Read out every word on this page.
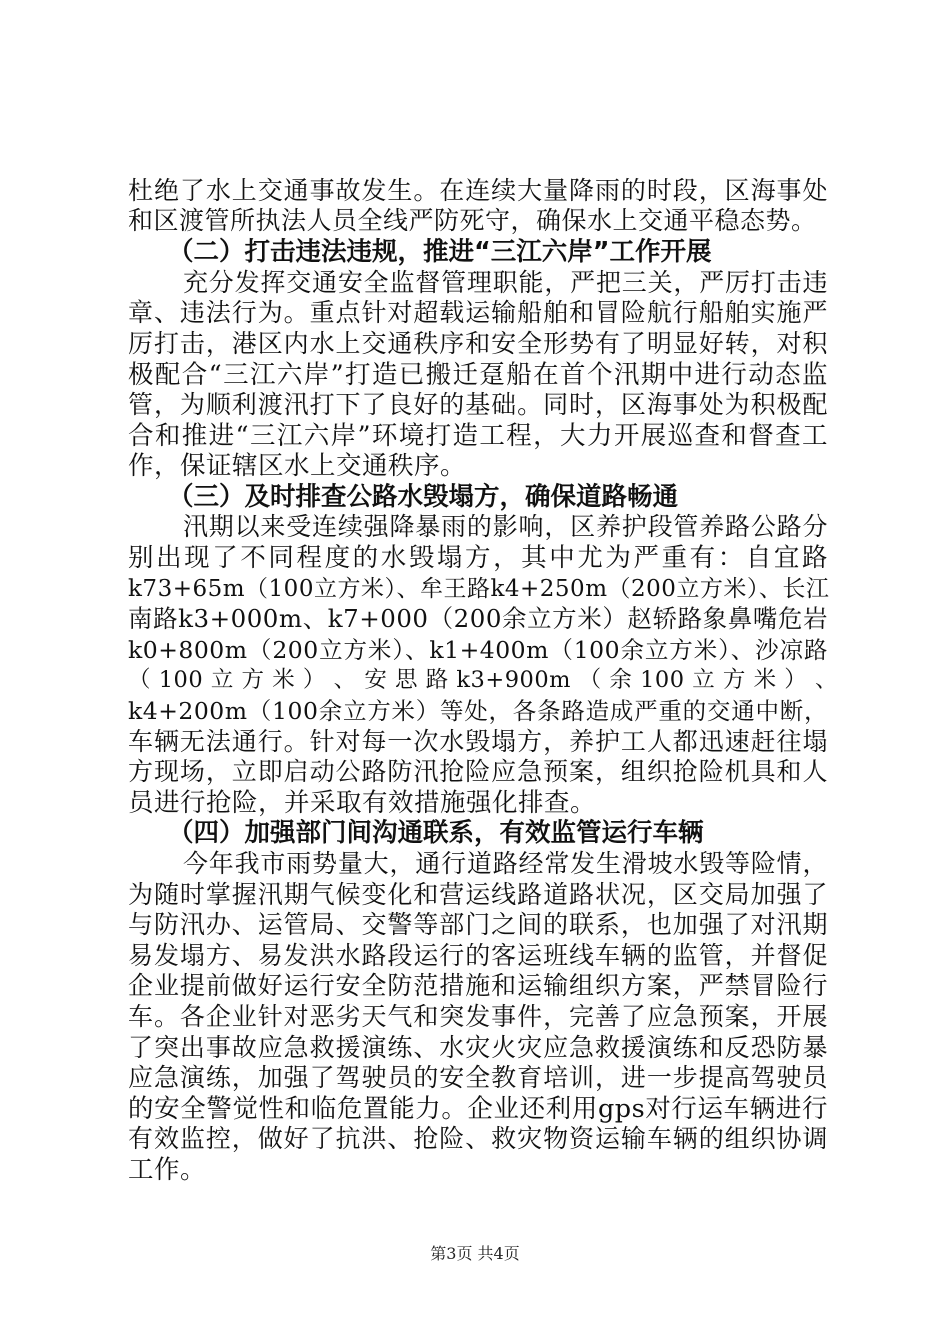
杜绝了水上交通事故发生。在连续大量降雨的时段，区海事处
和区渡管所执法人员全线严防死守，确保水上交通平稳态势。
（二）打击违法违规，推进“三江六岸”工作开展
充分发挥交通安全监督管理职能，严把三关，严厉打击违
章、违法行为。重点针对超载运输船舶和冒险航行船舶实施严
厉打击，港区内水上交通秩序和安全形势有了明显好转，对积
极配合“三江六岸”打造已搬迁趸船在首个汛期中进行动态监
管，为顺利渡汛打下了良好的基础。同时，区海事处为积极配
合和推进“三江六岸”环境打造工程，大力开展巡查和督查工
作，保证辖区水上交通秩序。
（三）及时排查公路水毁塌方，确保道路畅通
汛期以来受连续强降暴雨的影响，区养护段管养路公路分
别出现了不同程度的水毁塌方，其中尤为严重有：自宜路
k73+65m（100立方米）、牟王路k4+250m（200立方米）、长江
南路k3+000m、k7+000（200余立方米）赵轿路象鼻嘴危岩
k0+800m（200立方米）、k1+400m（100余立方米）、沙凉路
（ 100 立 方 米 ） 、 安 思 路 k3+900m （ 余 100 立 方 米 ） 、
k4+200m（100余立方米）等处，各条路造成严重的交通中断，
车辆无法通行。针对每一次水毁塌方，养护工人都迅速赶往塌
方现场，立即启动公路防汛抢险应急预案，组织抢险机具和人
员进行抢险，并采取有效措施强化排查。
（四）加强部门间沟通联系，有效监管运行车辆
今年我市雨势量大，通行道路经常发生滑坡水毁等险情，
为随时掌握汛期气候变化和营运线路道路状况，区交局加强了
与防汛办、运管局、交警等部门之间的联系，也加强了对汛期
易发塌方、易发洪水路段运行的客运班线车辆的监管，并督促
企业提前做好运行安全防范措施和运输组织方案，严禁冒险行
车。各企业针对恶劣天气和突发事件，完善了应急预案，开展
了突出事故应急救援演练、水灾火灾应急救援演练和反恐防暴
应急演练，加强了驾驶员的安全教育培训，进一步提高驾驶员
的安全警觉性和临危置能力。企业还利用gps对行运车辆进行
有效监控，做好了抗洪、抢险、救灾物资运输车辆的组织协调
工作。
第3页 共4页
